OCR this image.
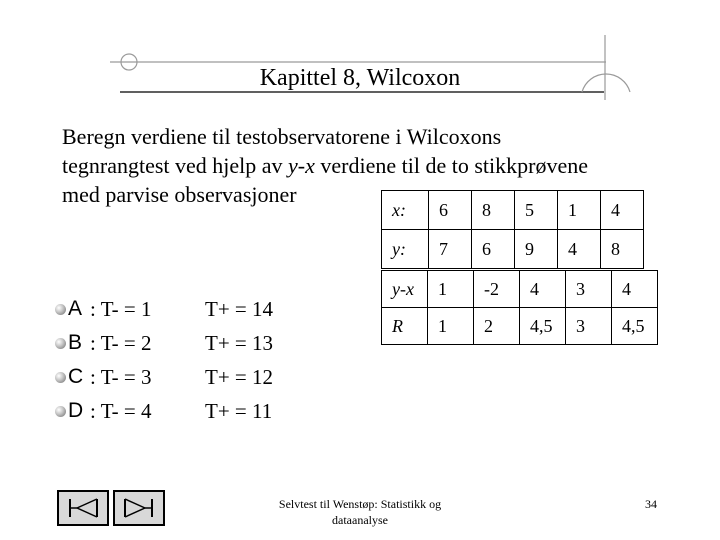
Kapittel 8, Wilcoxon
Beregn verdiene til testobservatorene i Wilcoxons
tegnrangtest ved hjelp av y-x verdiene til de to stikkprøvene
med parvise observasjoner
x:	6	8	5	1	4
y:	7	6	9	4	8
y-x	1	-2	4	3	4
R	1	2	4,5	3	4,5
A : T- = 1	T+ = 14
B : T- = 2	T+ = 13
C : T- = 3	T+ = 12
D : T- = 4	T+ = 11
Selvtest til Wenstøp: Statistikk og
dataanalyse
34
